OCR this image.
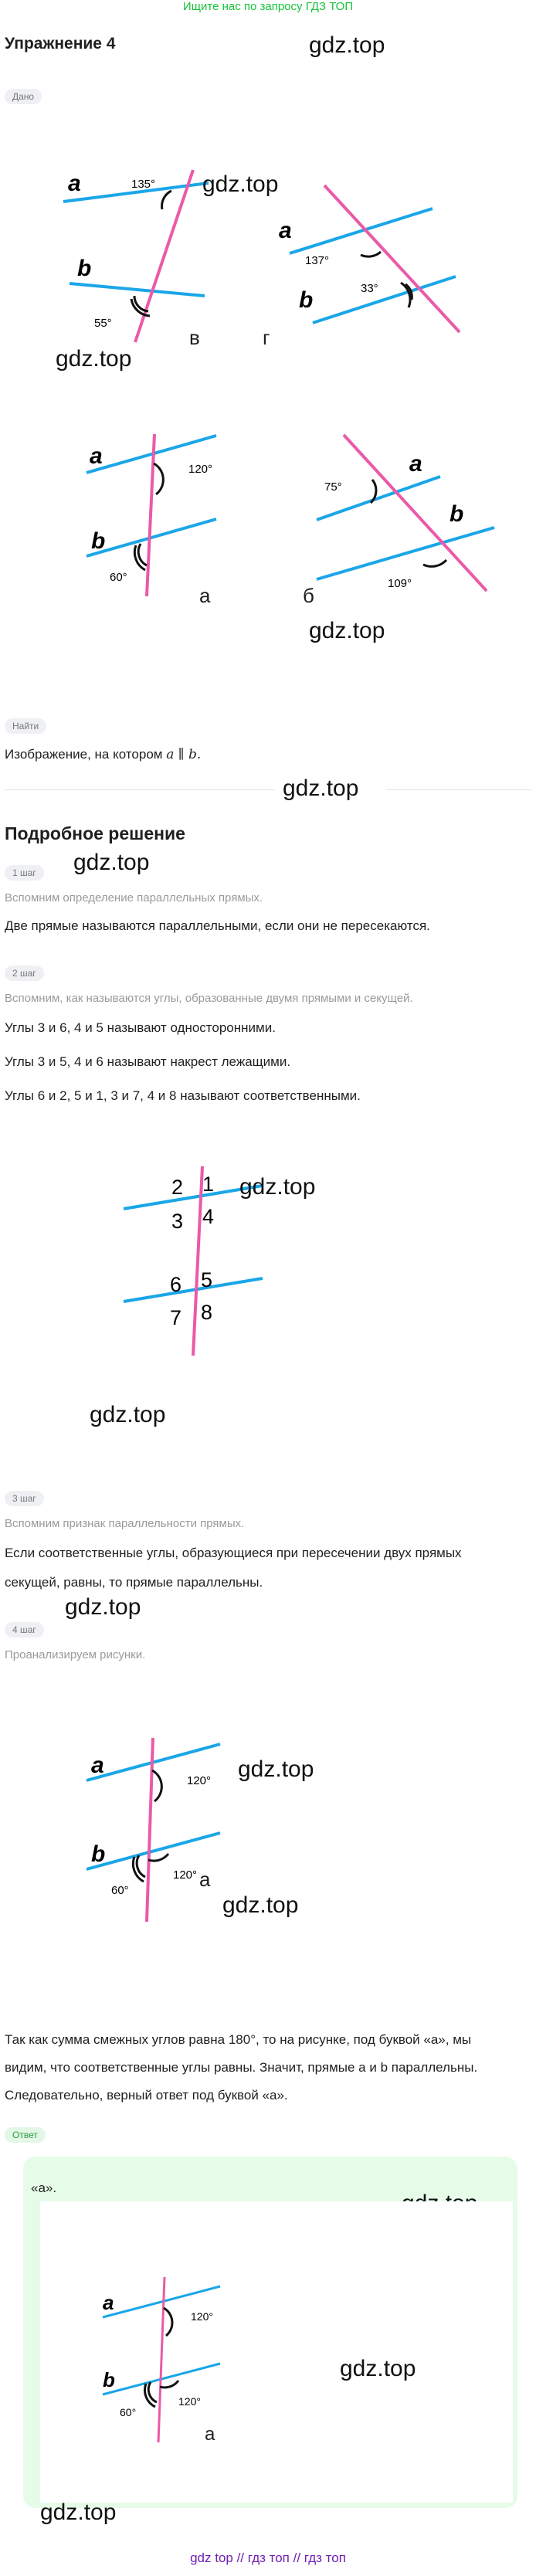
Ищите нас по запросу ГДЗ ТОП
Упражнение 4	gdz.top
Дано
a
b
135°
55°
gdz.top
в
gdz.top
a
b
137°
33°
г
a
b
120°
60°
а
a
b
75°
109°
б
gdz.top
Найти
Изображение, на котором a ∥ b.
gdz.top
Подробное решение
1 шаг	gdz.top
Вспомним определение параллельных прямых.
Две прямые называются параллельными, если они не пересекаются.
2 шаг
Вспомним, как называются углы, образованные двумя прямыми и секущей.
Углы 3 и 6, 4 и 5 называют односторонними.
Углы 3 и 5, 4 и 6 называют накрест лежащими.
Углы 6 и 2, 5 и 1, 3 и 7, 4 и 8 называют соответственными.
2 1
3 4
6 5
7 8
gdz.top
gdz.top
3 шаг
Вспомним признак параллельности прямых.
Если соответственные углы, образующиеся при пересечении двух прямых
секущей, равны, то прямые параллельны.
gdz.top
4 шаг
Проанализируем рисунки.
a
b
120°
60°
120°
gdz.top
а
gdz.top
Так как сумма смежных углов равна 180°, то на рисунке, под буквой «а», мы
видим, что соответственные углы равны. Значит, прямые a и b параллельны.
Следовательно, верный ответ под буквой «а».
Ответ
«а».
a
b
120°
60°
120°
а
gdz.top
gdz.top
gdz top // гдз топ // гдз топ
